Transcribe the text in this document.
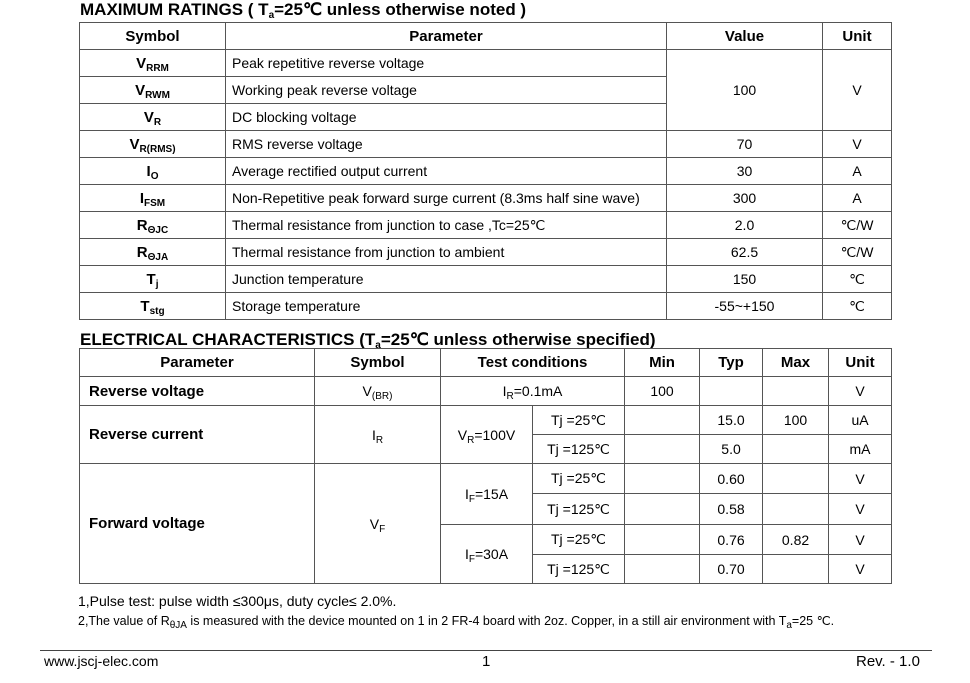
MAXIMUM RATINGS ( $T_a=25℃$ unless otherwise noted )
Symbol	Parameter	Value	Unit
$V_{RRM}$	Peak repetitive reverse voltage	100	V
$V_{RWM}$	Working peak reverse voltage		
$V_R$	DC blocking voltage		
$V_{R(RMS)}$	RMS reverse voltage	70	V
$I_O$	Average rectified output current	30	A
$I_{FSM}$	Non-Repetitive peak forward surge current (8.3ms half sine wave)	300	A
$R_{\Theta JC}$	Thermal resistance from junction to case ,Tc=25℃	2.0	℃/W
$R_{\Theta JA}$	Thermal resistance from junction to ambient	62.5	℃/W
$T_j$	Junction temperature	150	℃
$T_{stg}$	Storage temperature	-55~+150	℃
ELECTRICAL CHARACTERISTICS ($T_a=25℃$ unless otherwise specified)
Parameter	Symbol	Test conditions		Min	Typ	Max	Unit
Reverse voltage	$V_{(BR)}$	$I_R=0.1mA$		100			V
Reverse current	$I_R$	$V_R=100V$	Tj =25℃		15.0	100	uA
			Tj =125℃		5.0		mA
Forward voltage	$V_F$	$I_F=15A$	Tj =25℃		0.60		V
			Tj =125℃		0.58		V
		$I_F=30A$	Tj =25℃		0.76	0.82	V
			Tj =125℃		0.70		V
1,Pulse test: pulse width ≤300μs, duty cycle≤ 2.0%.
2,The value of $R_{\theta JA}$ is measured with the device mounted on 1 in 2 FR-4 board with 2oz. Copper, in a still air environment with $T_a=25$ ℃.
www.jscj-elec.com	1	Rev. - 1.0
